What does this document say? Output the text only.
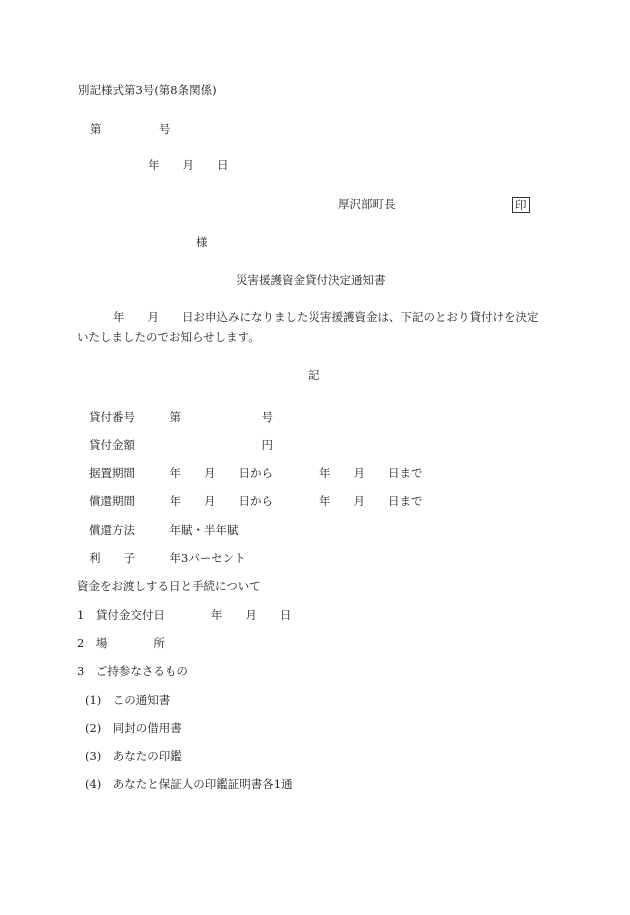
別記様式第3号(第8条関係)
第　　　　　号
年　　月　　日
厚沢部町長	印
様
災害援護資金貸付決定通知書
年　　月　　日お申込みになりました災害援護資金は、下記のとおり貸付けを決定
いたしましたのでお知らせします。
記
貸付番号　　　第　　　　　　　号
貸付金額　　　　　　　　　　　円
据置期間　　　年　　月　　日から　　　　年　　月　　日まで
償還期間　　　年　　月　　日から　　　　年　　月　　日まで
償還方法　　　年賦・半年賦
利　　子　　　年3パーセント
資金をお渡しする日と手続について
1　貸付金交付日　　　　年　　月　　日
2　場　　　　所
3　ご持参なさるもの
(1)　この通知書
(2)　同封の借用書
(3)　あなたの印鑑
(4)　あなたと保証人の印鑑証明書各1通
